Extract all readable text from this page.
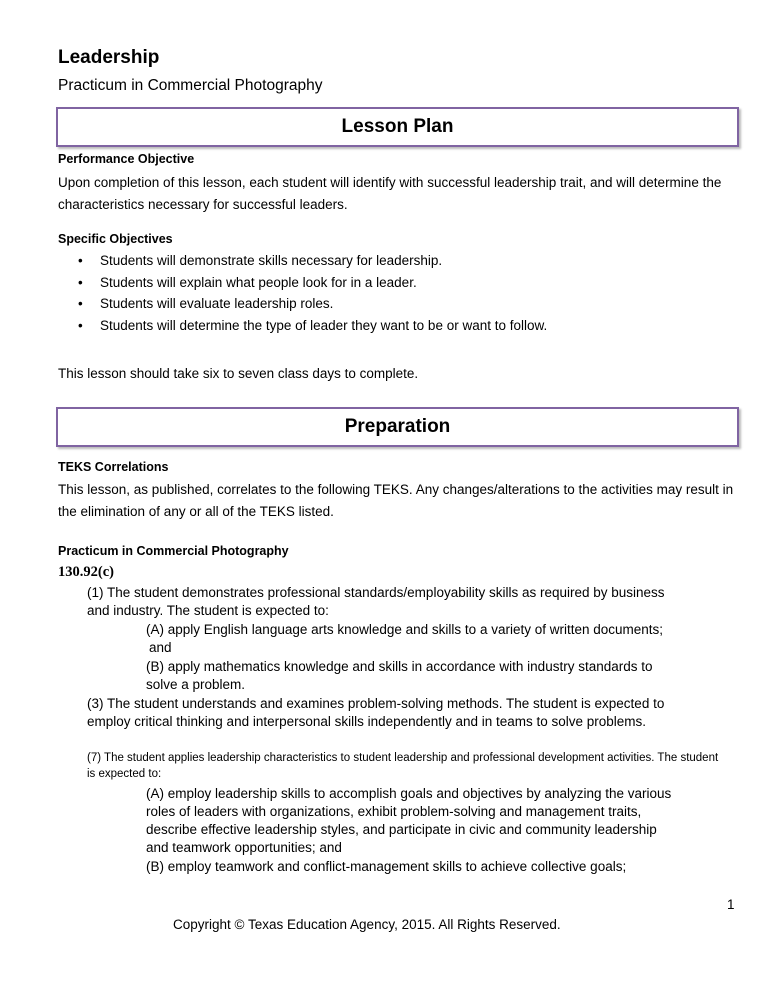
Leadership
Practicum in Commercial Photography
Lesson Plan
Performance Objective
Upon completion of this lesson, each student will identify with successful leadership trait, and will determine the characteristics necessary for successful leaders.
Specific Objectives
• Students will demonstrate skills necessary for leadership.
• Students will explain what people look for in a leader.
• Students will evaluate leadership roles.
• Students will determine the type of leader they want to be or want to follow.
This lesson should take six to seven class days to complete.
Preparation
TEKS Correlations
This lesson, as published, correlates to the following TEKS. Any changes/alterations to the activities may result in the elimination of any or all of the TEKS listed.
Practicum in Commercial Photography
130.92(c)
(1) The student demonstrates professional standards/employability skills as required by business and industry. The student is expected to:
(A) apply English language arts knowledge and skills to a variety of written documents;
and
(B) apply mathematics knowledge and skills in accordance with industry standards to solve a problem.
(3) The student understands and examines problem-solving methods. The student is expected to employ critical thinking and interpersonal skills independently and in teams to solve problems.
(7) The student applies leadership characteristics to student leadership and professional development activities. The student is expected to:
(A) employ leadership skills to accomplish goals and objectives by analyzing the various roles of leaders with organizations, exhibit problem-solving and management traits, describe effective leadership styles, and participate in civic and community leadership and teamwork opportunities; and
(B) employ teamwork and conflict-management skills to achieve collective goals;
1
Copyright © Texas Education Agency, 2015. All Rights Reserved.
